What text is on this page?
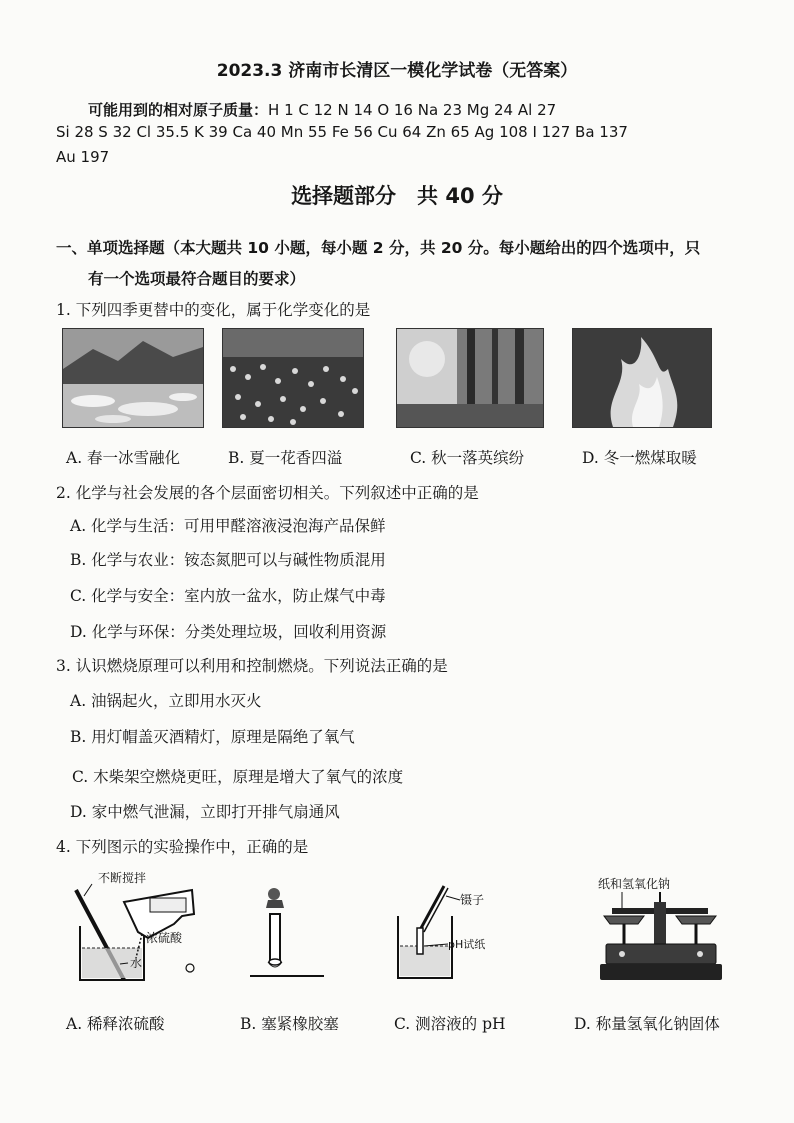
2023.3 济南市长清区一模化学试卷（无答案）
可能用到的相对原子质量：H 1 C 12 N 14 O 16 Na 23 Mg 24 Al 27
Si 28 S 32 Cl 35.5 K 39 Ca 40 Mn 55 Fe 56 Cu 64 Zn 65 Ag 108 I 127 Ba 137
Au 197
选择题部分　共 40 分
一、单项选择题（本大题共 10 小题，每小题 2 分，共 20 分。每小题给出的四个选项中，只
有一个选项最符合题目的要求）
1. 下列四季更替中的变化，属于化学变化的是
A. 春一冰雪融化	B. 夏一花香四溢	C. 秋一落英缤纷	D. 冬一燃煤取暖
2. 化学与社会发展的各个层面密切相关。下列叙述中正确的是
A. 化学与生活：可用甲醛溶液浸泡海产品保鲜
B. 化学与农业：铵态氮肥可以与碱性物质混用
C. 化学与安全：室内放一盆水，防止煤气中毒
D. 化学与环保：分类处理垃圾，回收利用资源
3. 认识燃烧原理可以利用和控制燃烧。下列说法正确的是
A. 油锅起火，立即用水灭火
B. 用灯帽盖灭酒精灯，原理是隔绝了氧气
C. 木柴架空燃烧更旺，原理是增大了氧气的浓度
D. 家中燃气泄漏，立即打开排气扇通风
4. 下列图示的实验操作中，正确的是
不断搅拌
浓硫酸
水
镊子
pH试纸
纸和氢氧化钠
A. 稀释浓硫酸	B. 塞紧橡胶塞	C. 测溶液的 pH	D. 称量氢氧化钠固体
